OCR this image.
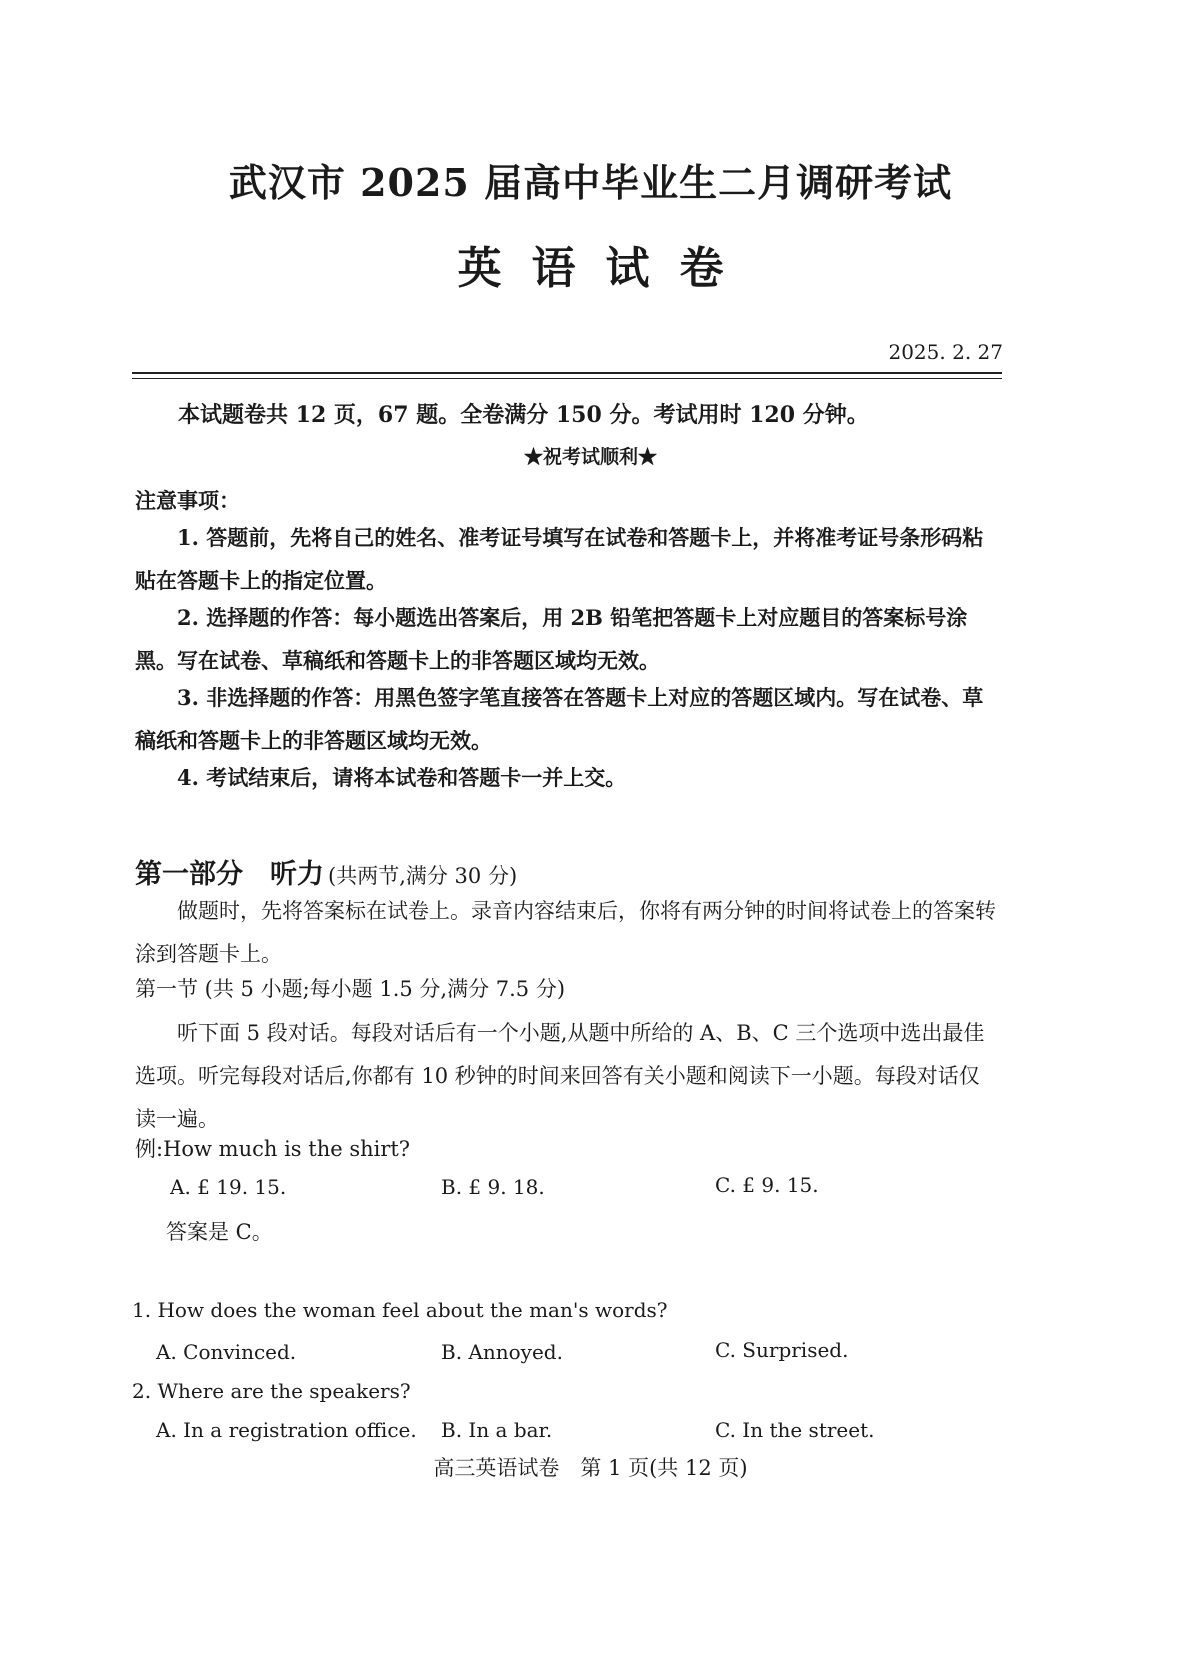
武汉市 2025 届高中毕业生二月调研考试
英语试卷
2025. 2. 27
本试题卷共 12 页，67 题。全卷满分 150 分。考试用时 120 分钟。
★祝考试顺利★
注意事项：
1. 答题前，先将自己的姓名、准考证号填写在试卷和答题卡上，并将准考证号条形码粘贴在答题卡上的指定位置。
2. 选择题的作答：每小题选出答案后，用 2B 铅笔把答题卡上对应题目的答案标号涂黑。写在试卷、草稿纸和答题卡上的非答题区域均无效。
3. 非选择题的作答：用黑色签字笔直接答在答题卡上对应的答题区域内。写在试卷、草稿纸和答题卡上的非答题区域均无效。
4. 考试结束后，请将本试卷和答题卡一并上交。
第一部分　听力 (共两节,满分 30 分)
做题时，先将答案标在试卷上。录音内容结束后，你将有两分钟的时间将试卷上的答案转涂到答题卡上。
第一节 (共 5 小题;每小题 1.5 分,满分 7.5 分)
听下面 5 段对话。每段对话后有一个小题,从题中所给的 A、B、C 三个选项中选出最佳选项。听完每段对话后,你都有 10 秒钟的时间来回答有关小题和阅读下一小题。每段对话仅读一遍。
例:How much is the shirt?
A. £ 19. 15.	B. £ 9. 18.	C. £ 9. 15.
答案是 C。
1. How does the woman feel about the man's words?
A. Convinced.	B. Annoyed.	C. Surprised.
2. Where are the speakers?
A. In a registration office. B. In a bar.	C. In the street.
高三英语试卷　第 1 页(共 12 页)
